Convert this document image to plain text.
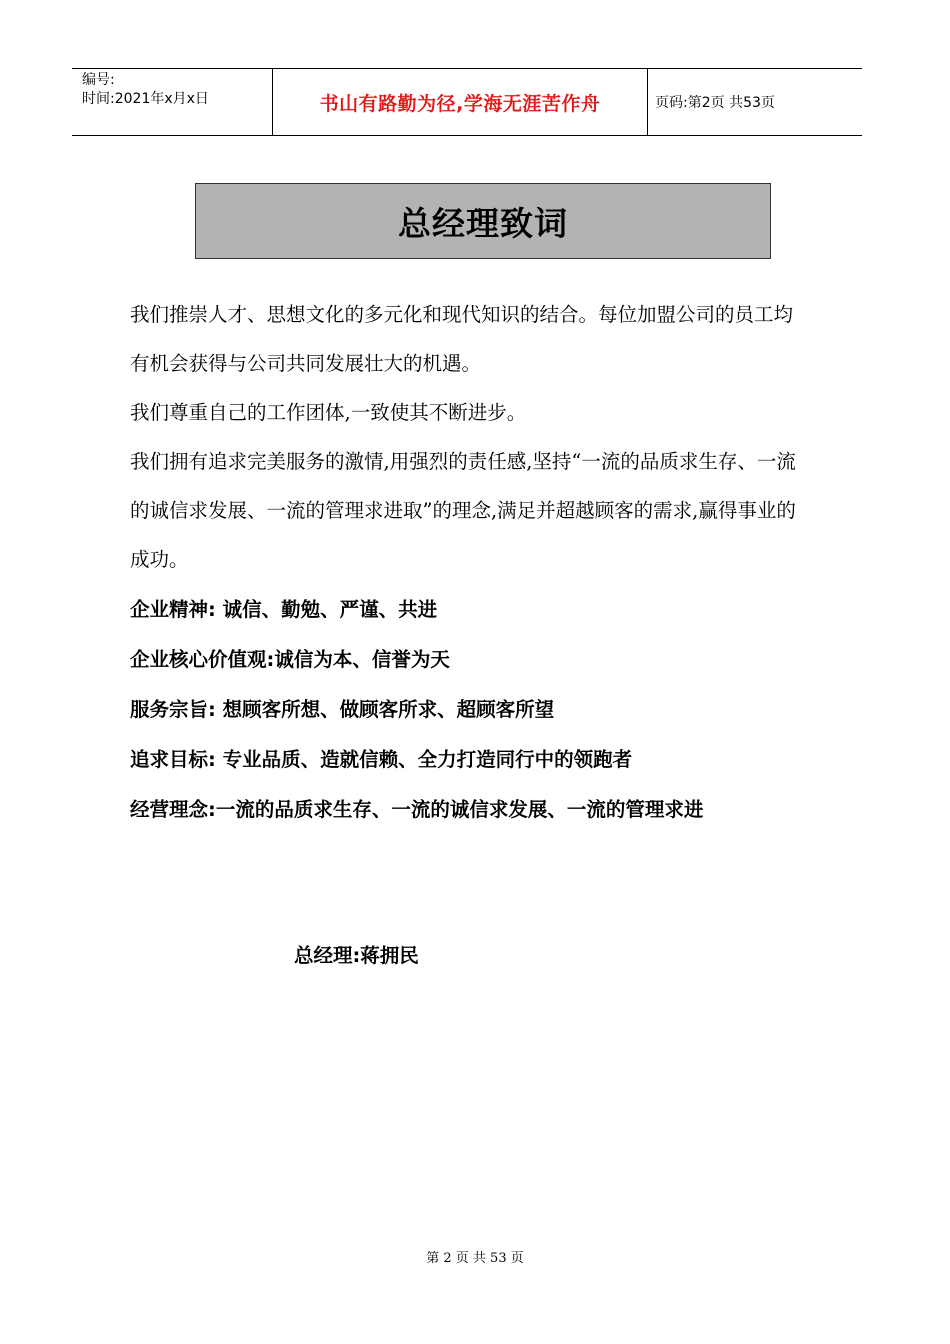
编号:
时间:2021年x月x日	书山有路勤为径,学海无涯苦作舟	页码:第2页 共53页
总经理致词

我们推崇人才、思想文化的多元化和现代知识的结合。每位加盟公司的员工均有机会获得与公司共同发展壮大的机遇。

我们尊重自己的工作团体,一致使其不断进步。

我们拥有追求完美服务的激情,用强烈的责任感,坚持“一流的品质求生存、一流的诚信求发展、一流的管理求进取”的理念,满足并超越顾客的需求,赢得事业的成功。

企业精神: 诚信、勤勉、严谨、共进
企业核心价值观:诚信为本、信誉为天
服务宗旨: 想顾客所想、做顾客所求、超顾客所望
追求目标: 专业品质、造就信赖、全力打造同行中的领跑者
经营理念:一流的品质求生存、一流的诚信求发展、一流的管理求进
总经理:蒋拥民
第 2 页 共 53 页
